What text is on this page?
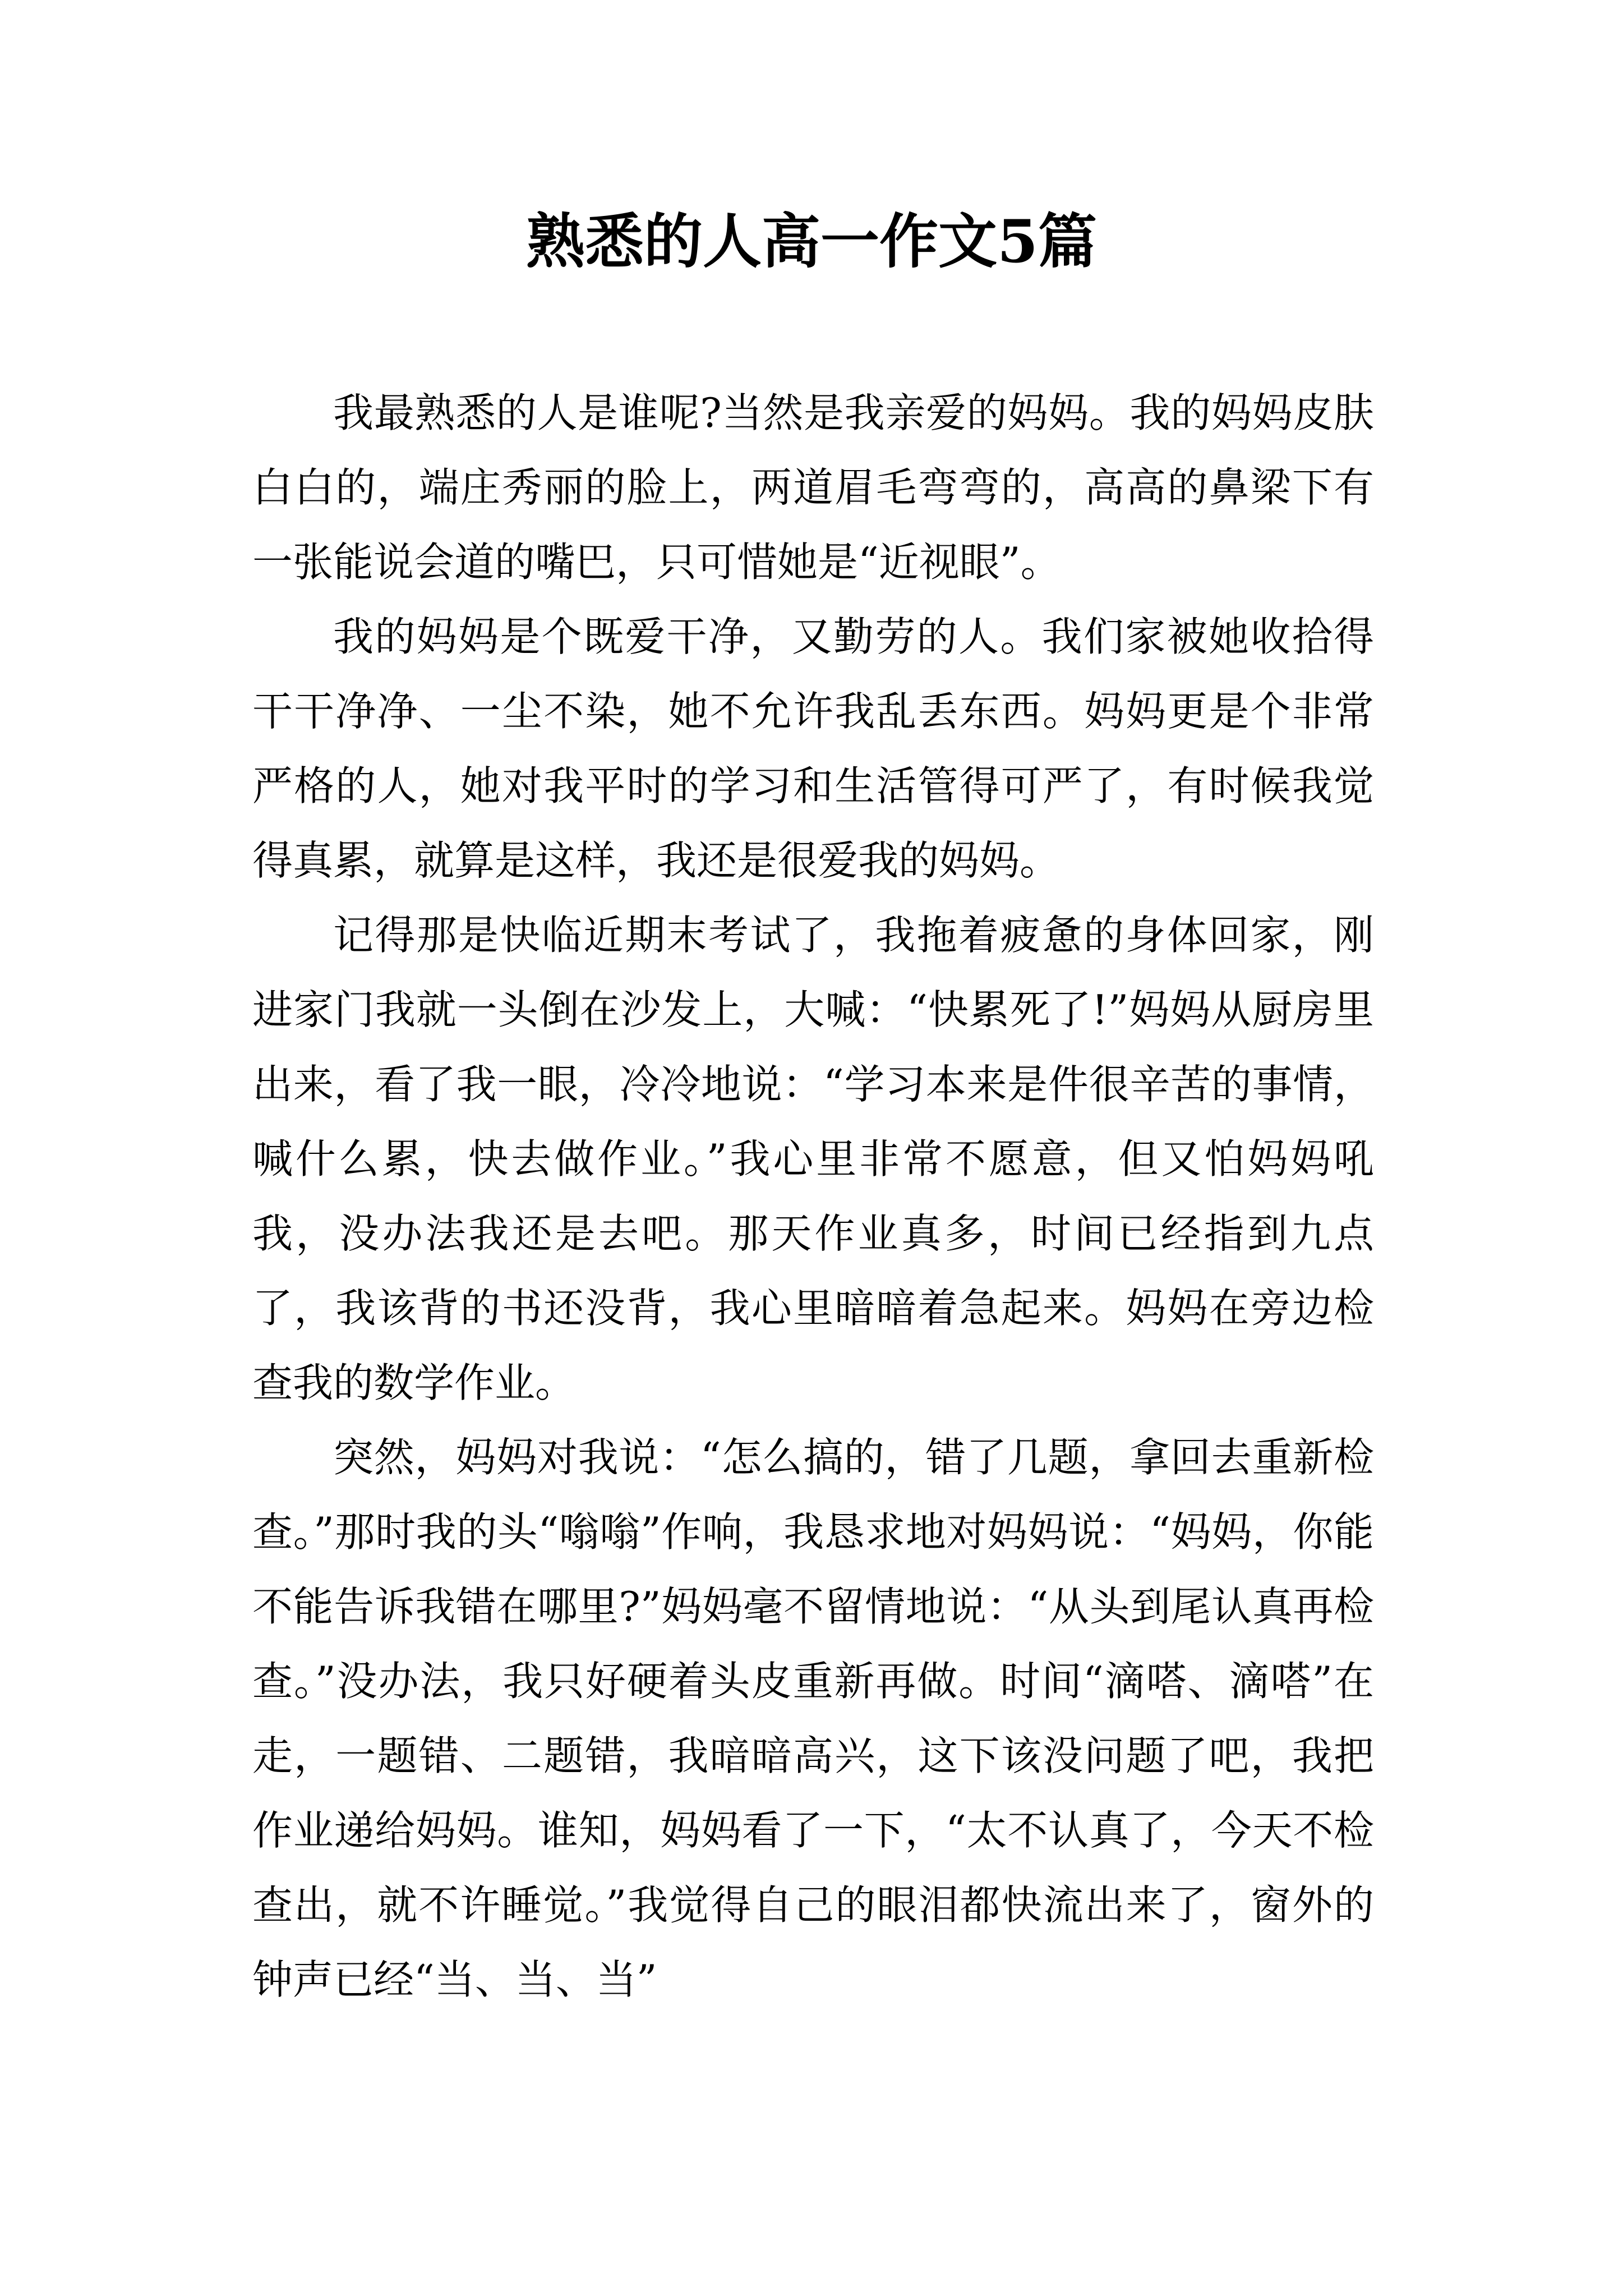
熟悉的人高一作文5篇

我最熟悉的人是谁呢?当然是我亲爱的妈妈。我的妈妈皮肤白白的，端庄秀丽的脸上，两道眉毛弯弯的，高高的鼻梁下有一张能说会道的嘴巴，只可惜她是“近视眼”。

我的妈妈是个既爱干净，又勤劳的人。我们家被她收拾得干干净净、一尘不染，她不允许我乱丢东西。妈妈更是个非常严格的人，她对我平时的学习和生活管得可严了，有时候我觉得真累，就算是这样，我还是很爱我的妈妈。

记得那是快临近期末考试了，我拖着疲惫的身体回家，刚进家门我就一头倒在沙发上，大喊：“快累死了!”妈妈从厨房里出来，看了我一眼，冷冷地说：“学习本来是件很辛苦的事情，喊什么累，快去做作业。”我心里非常不愿意，但又怕妈妈吼我，没办法我还是去吧。那天作业真多，时间已经指到九点了，我该背的书还没背，我心里暗暗着急起来。妈妈在旁边检查我的数学作业。

突然，妈妈对我说：“怎么搞的，错了几题，拿回去重新检查。”那时我的头“嗡嗡”作响，我恳求地对妈妈说：“妈妈，你能不能告诉我错在哪里?”妈妈毫不留情地说：“从头到尾认真再检查。”没办法，我只好硬着头皮重新再做。时间“滴嗒、滴嗒”在走，一题错、二题错，我暗暗高兴，这下该没问题了吧，我把作业递给妈妈。谁知，妈妈看了一下，“太不认真了，今天不检查出，就不许睡觉。”我觉得自己的眼泪都快流出来了，窗外的钟声已经“当、当、当”
